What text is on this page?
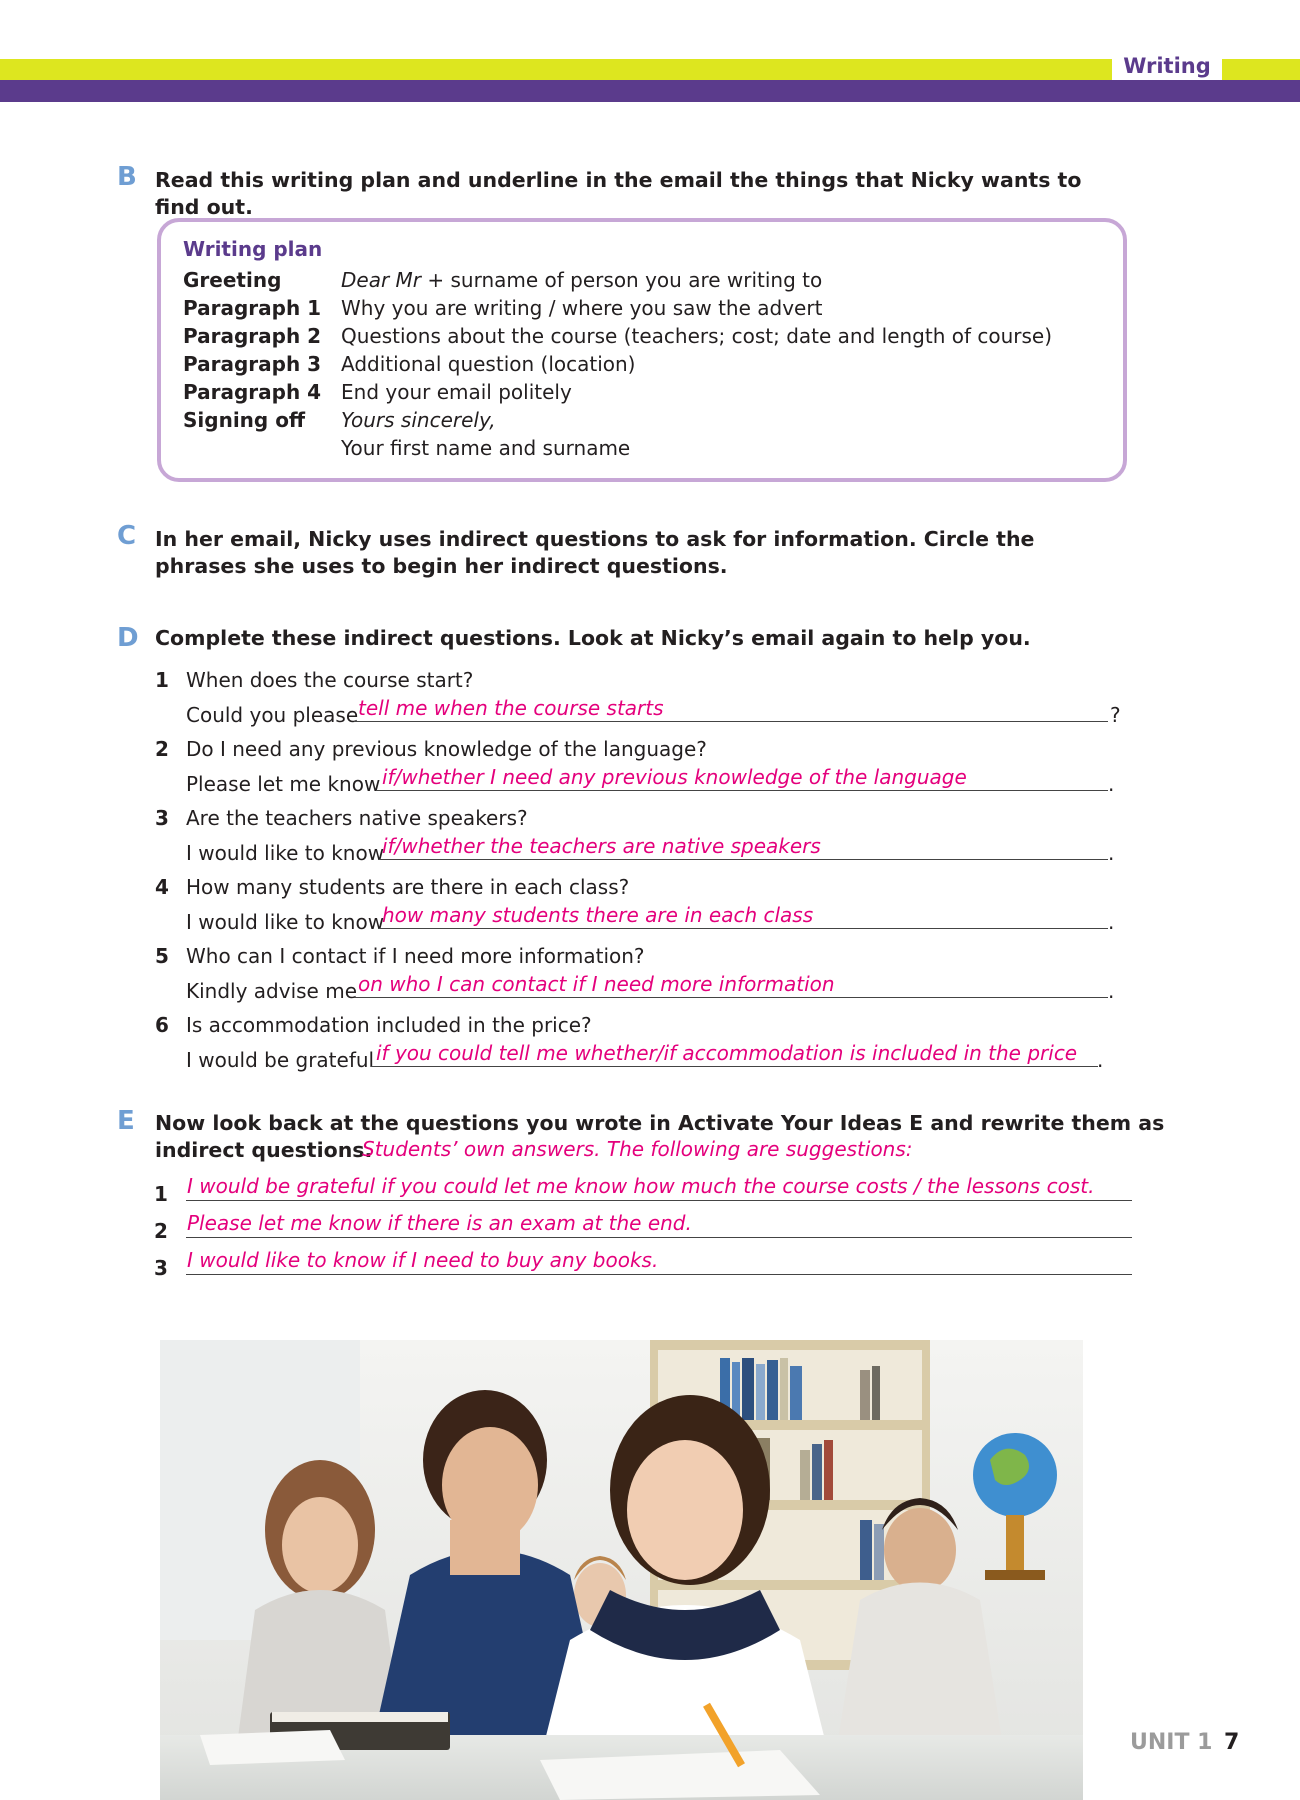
Writing
B Read this writing plan and underline in the email the things that Nicky wants to find out.
Writing plan
Greeting	Dear Mr + surname of person you are writing to
Paragraph 1 Why you are writing / where you saw the advert
Paragraph 2 Questions about the course (teachers; cost; date and length of course)
Paragraph 3 Additional question (location)
Paragraph 4 End your email politely
Signing off	Yours sincerely,
Your first name and surname
C In her email, Nicky uses indirect questions to ask for information. Circle the phrases she uses to begin her indirect questions.
D Complete these indirect questions. Look at Nicky’s email again to help you.
1 When does the course start?
Could you please tell me when the course starts	?
2 Do I need any previous knowledge of the language?
Please let me know if/whether I need any previous knowledge of the language	.
3 Are the teachers native speakers?
I would like to know
if/whether the teachers are native speakers	.
4 How many students are there in each class?
I would like to know
how many students there are in each class	.
5 Who can I contact if I need more information?
Kindly advise me on who I can contact if I need more information	.
6 Is accommodation included in the price?
I would be grateful if you could tell me whether/if accommodation is included in the price .
E Now look back at the questions you wrote in Activate Your Ideas E and rewrite them as
indirect questions.
Students’ own answers. The following are suggestions:
1 I would be grateful if you could let me know how much the course costs / the lessons cost.
2 Please let me know if there is an exam at the end.
3 I would like to know if I need to buy any books.
UNIT 1 7
